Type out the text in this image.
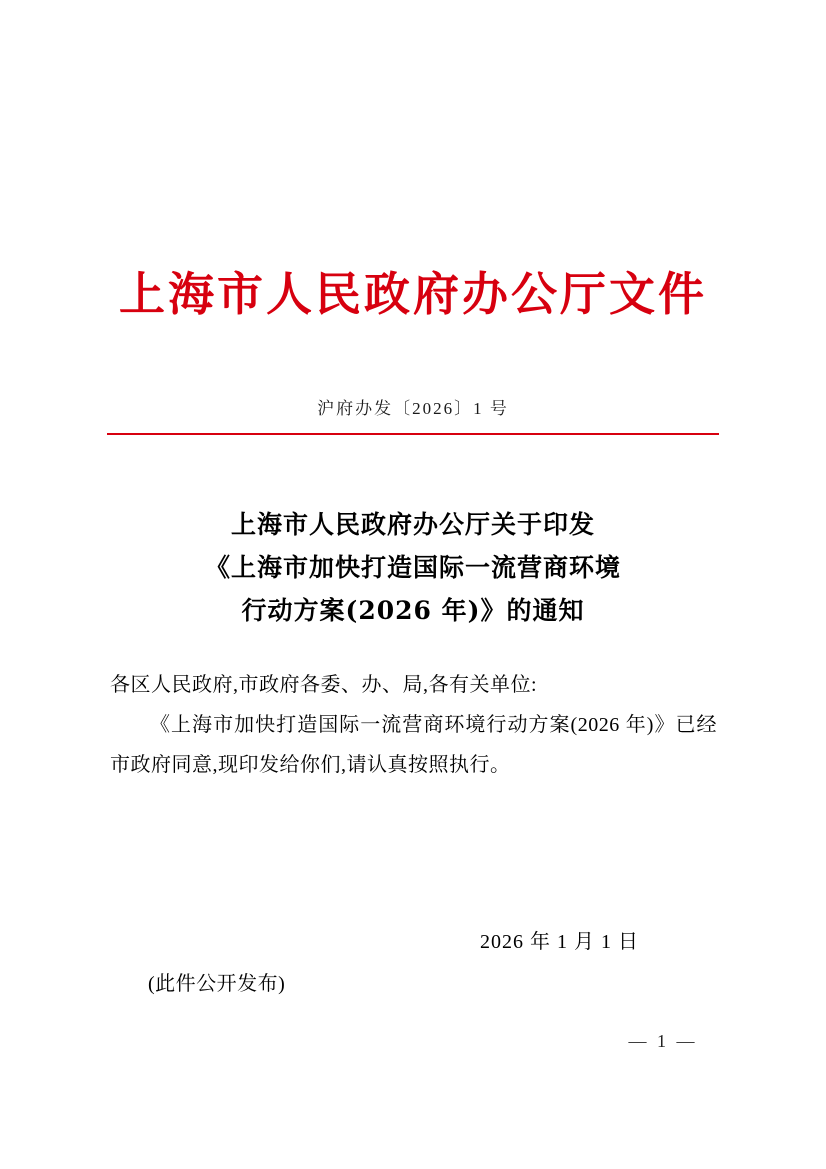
上海市人民政府办公厅文件
沪府办发〔2026〕1 号
上海市人民政府办公厅关于印发
《上海市加快打造国际一流营商环境
行动方案(2026 年)》的通知

各区人民政府,市政府各委、办、局,各有关单位:

《上海市加快打造国际一流营商环境行动方案(2026 年)》已经市政府同意,现印发给你们,请认真按照执行。

2026 年 1 月 1 日
(此件公开发布)
— 1 —
